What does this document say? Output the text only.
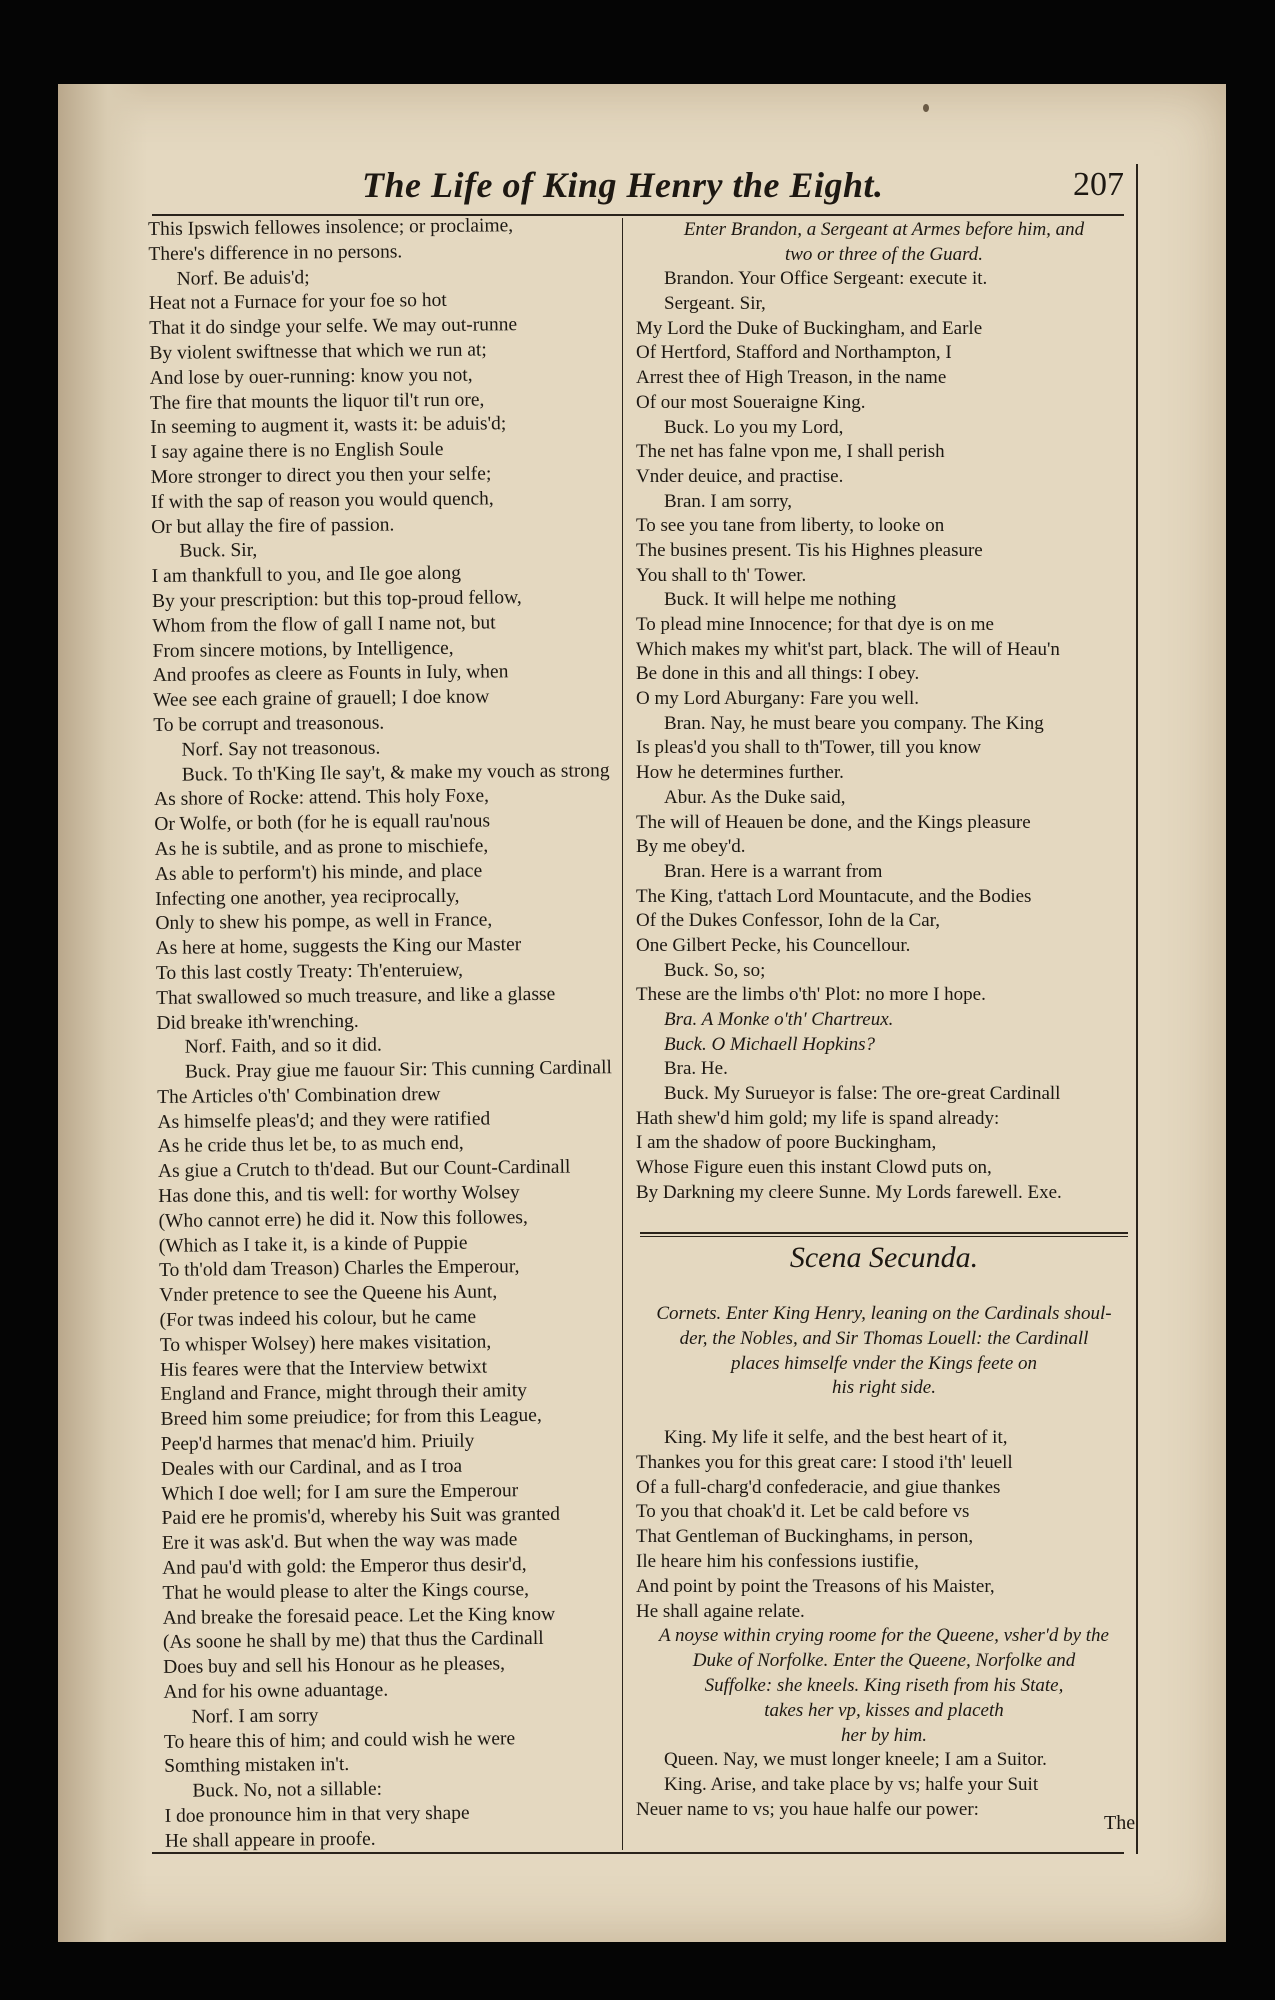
The Life of King Henry the Eight.	207
This Ipswich fellowes insolence; or proclaime,
There's difference in no persons.
Norf. Be aduis'd;
Heat not a Furnace for your foe so hot
That it do sindge your selfe. We may out-runne
By violent swiftnesse that which we run at;
And lose by ouer-running: know you not,
The fire that mounts the liquor til't run ore,
In seeming to augment it, wasts it: be aduis'd;
I say againe there is no English Soule
More stronger to direct you then your selfe;
If with the sap of reason you would quench,
Or but allay the fire of passion.
Buck. Sir,
I am thankfull to you, and Ile goe along
By your prescription: but this top-proud fellow,
Whom from the flow of gall I name not, but
From sincere motions, by Intelligence,
And proofes as cleere as Founts in Iuly, when
Wee see each graine of grauell; I doe know
To be corrupt and treasonous.
Norf. Say not treasonous.
Buck. To th'King Ile say't, & make my vouch as strong
As shore of Rocke: attend. This holy Foxe,
Or Wolfe, or both (for he is equall rau'nous
As he is subtile, and as prone to mischiefe,
As able to perform't) his minde, and place
Infecting one another, yea reciprocally,
Only to shew his pompe, as well in France,
As here at home, suggests the King our Master
To this last costly Treaty: Th'enteruiew,
That swallowed so much treasure, and like a glasse
Did breake ith'wrenching.
Norf. Faith, and so it did.
Buck. Pray giue me fauour Sir: This cunning Cardinall
The Articles o'th' Combination drew
As himselfe pleas'd; and they were ratified
As he cride thus let be, to as much end,
As giue a Crutch to th'dead. But our Count-Cardinall
Has done this, and tis well: for worthy Wolsey
(Who cannot erre) he did it. Now this followes,
(Which as I take it, is a kinde of Puppie
To th'old dam Treason) Charles the Emperour,
Vnder pretence to see the Queene his Aunt,
(For twas indeed his colour, but he came
To whisper Wolsey) here makes visitation,
His feares were that the Interview betwixt
England and France, might through their amity
Breed him some preiudice; for from this League,
Peep'd harmes that menac'd him. Priuily
Deales with our Cardinal, and as I troa
Which I doe well; for I am sure the Emperour
Paid ere he promis'd, whereby his Suit was granted
Ere it was ask'd. But when the way was made
And pau'd with gold: the Emperor thus desir'd,
That he would please to alter the Kings course,
And breake the foresaid peace. Let the King know
(As soone he shall by me) that thus the Cardinall
Does buy and sell his Honour as he pleases,
And for his owne aduantage.
Norf. I am sorry
To heare this of him; and could wish he were
Somthing mistaken in't.
Buck. No, not a sillable:
I doe pronounce him in that very shape
He shall appeare in proofe.
Enter Brandon, a Sergeant at Armes before him, and
two or three of the Guard.
Brandon. Your Office Sergeant: execute it.
Sergeant. Sir,
My Lord the Duke of Buckingham, and Earle
Of Hertford, Stafford and Northampton, I
Arrest thee of High Treason, in the name
Of our most Soueraigne King.
Buck. Lo you my Lord,
The net has falne vpon me, I shall perish
Vnder deuice, and practise.
Bran. I am sorry,
To see you tane from liberty, to looke on
The busines present. Tis his Highnes pleasure
You shall to th' Tower.
Buck. It will helpe me nothing
To plead mine Innocence; for that dye is on me
Which makes my whit'st part, black. The will of Heau'n
Be done in this and all things: I obey.
O my Lord Aburgany: Fare you well.
Bran. Nay, he must beare you company. The King
Is pleas'd you shall to th'Tower, till you know
How he determines further.
Abur. As the Duke said,
The will of Heauen be done, and the Kings pleasure
By me obey'd.
Bran. Here is a warrant from
The King, t'attach Lord Mountacute, and the Bodies
Of the Dukes Confessor, Iohn de la Car,
One Gilbert Pecke, his Councellour.
Buck. So, so;
These are the limbs o'th' Plot: no more I hope.
Bra. A Monke o'th' Chartreux.
Buck. O Michaell Hopkins?
Bra. He.
Buck. My Surueyor is false: The ore-great Cardinall
Hath shew'd him gold; my life is spand already:
I am the shadow of poore Buckingham,
Whose Figure euen this instant Clowd puts on,
By Darkning my cleere Sunne. My Lords farewell. Exe.
Scena Secunda.
Cornets. Enter King Henry, leaning on the Cardinals shoul-
der, the Nobles, and Sir Thomas Louell: the Cardinall
places himselfe vnder the Kings feete on
his right side.
King. My life it selfe, and the best heart of it,
Thankes you for this great care: I stood i'th' leuell
Of a full-charg'd confederacie, and giue thankes
To you that choak'd it. Let be cald before vs
That Gentleman of Buckinghams, in person,
Ile heare him his confessions iustifie,
And point by point the Treasons of his Maister,
He shall againe relate.
A noyse within crying roome for the Queene, vsher'd by the
Duke of Norfolke. Enter the Queene, Norfolke and
Suffolke: she kneels. King riseth from his State,
takes her vp, kisses and placeth
her by him.
Queen. Nay, we must longer kneele; I am a Suitor.
King. Arise, and take place by vs; halfe your Suit
Neuer name to vs; you haue halfe our power:
The
